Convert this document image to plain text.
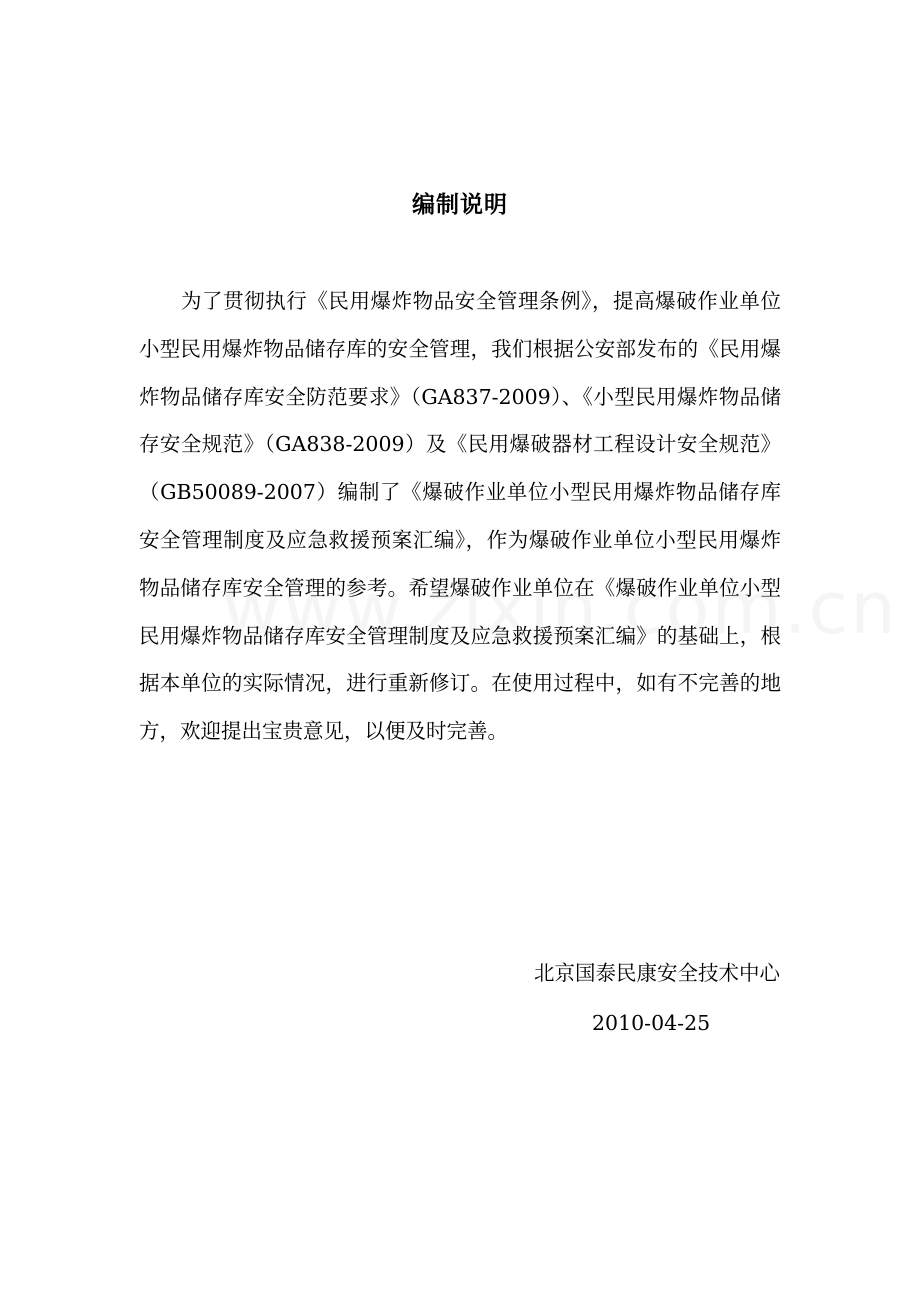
编制说明

为了贯彻执行《民用爆炸物品安全管理条例》，提高爆破作业单位小型民用爆炸物品储存库的安全管理，我们根据公安部发布的《民用爆炸物品储存库安全防范要求》（GA837-2009）、《小型民用爆炸物品储存安全规范》（GA838-2009）及《民用爆破器材工程设计安全规范》（GB50089-2007）编制了《爆破作业单位小型民用爆炸物品储存库安全管理制度及应急救援预案汇编》，作为爆破作业单位小型民用爆炸物品储存库安全管理的参考。希望爆破作业单位在《爆破作业单位小型民用爆炸物品储存库安全管理制度及应急救援预案汇编》的基础上，根据本单位的实际情况，进行重新修订。在使用过程中，如有不完善的地方，欢迎提出宝贵意见，以便及时完善。

北京国泰民康安全技术中心
2010-04-25
